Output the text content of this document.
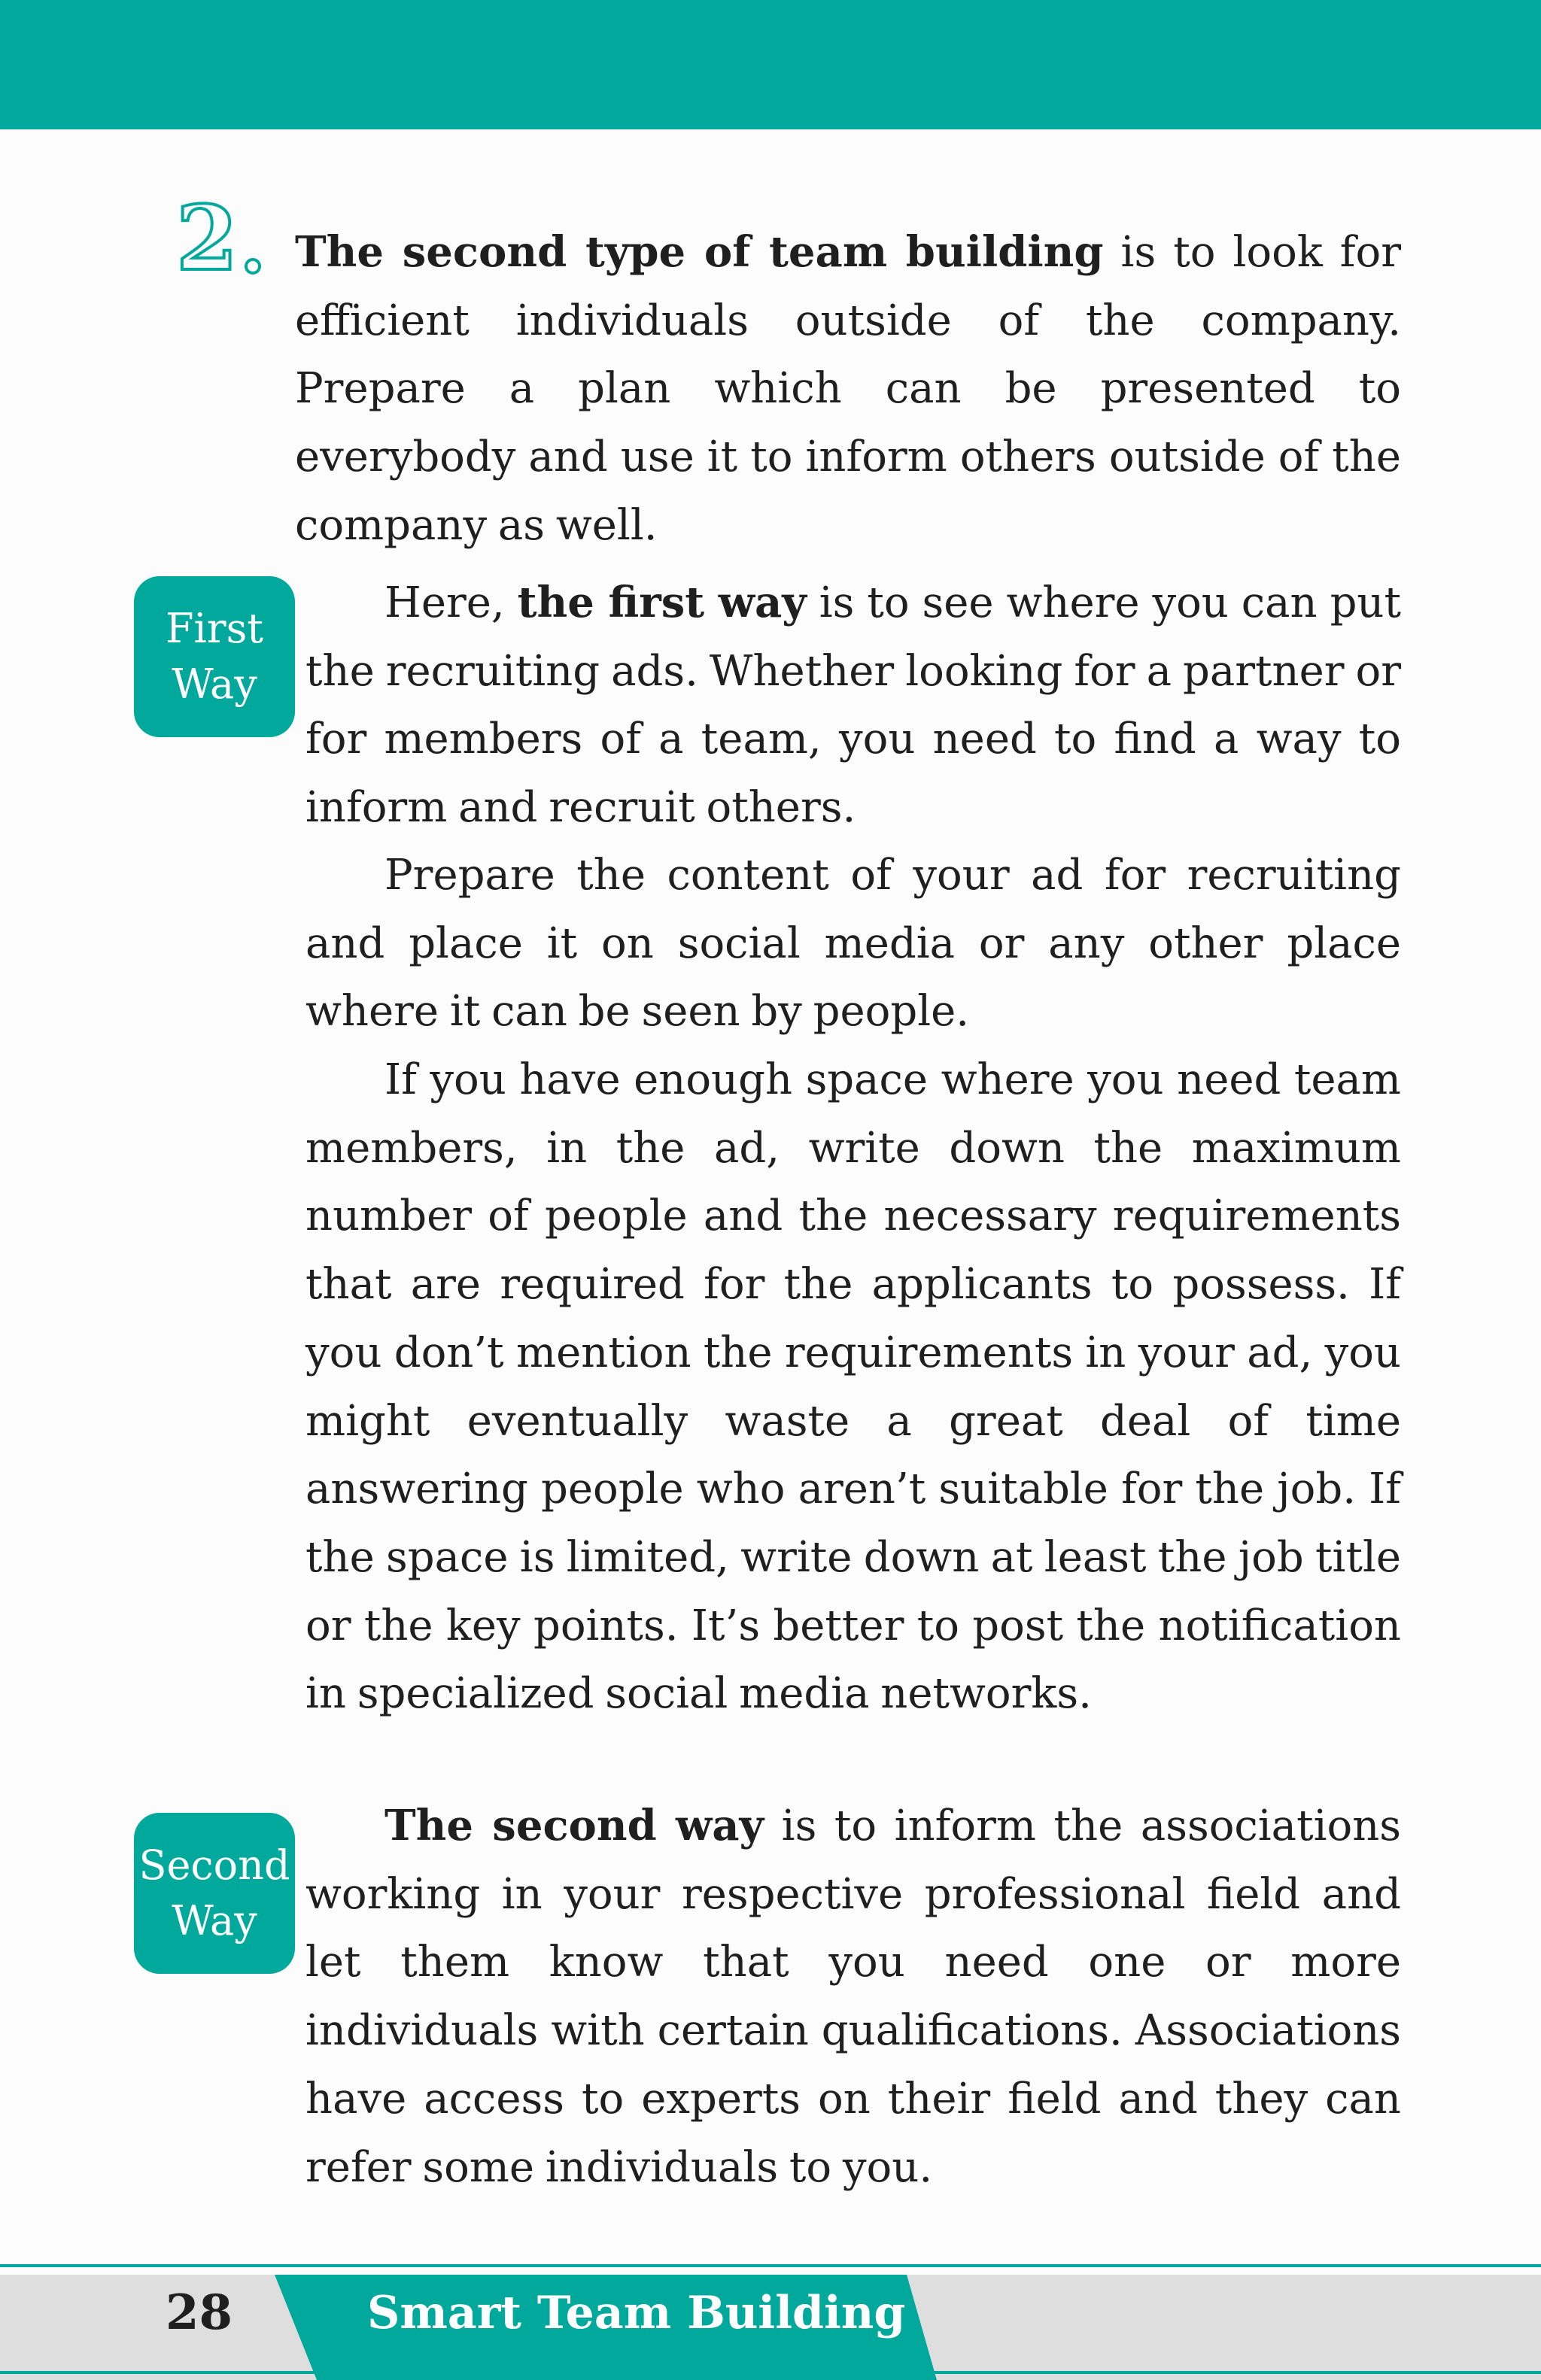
2 The second type of team building is to look for efficient individuals outside of the company. Prepare a plan which can be presented to everybody and use it to inform others outside of the company as well.

First
Way

Here, the first way is to see where you can put the recruiting ads. Whether looking for a partner or for members of a team, you need to find a way to inform and recruit others.

Prepare the content of your ad for recruiting and place it on social media or any other place where it can be seen by people.

If you have enough space where you need team members, in the ad, write down the maximum number of people and the necessary requirements that are required for the applicants to possess. If you don’t mention the requirements in your ad, you might eventually waste a great deal of time answering people who aren’t suitable for the job. If the space is limited, write down at least the job title or the key points. It’s better to post the notification in specialized social media networks.

Second
Way

The second way is to inform the associations working in your respective professional field and let them know that you need one or more individuals with certain qualifications. Associations have access to experts on their field and they can refer some individuals to you.

28	Smart Team Building
